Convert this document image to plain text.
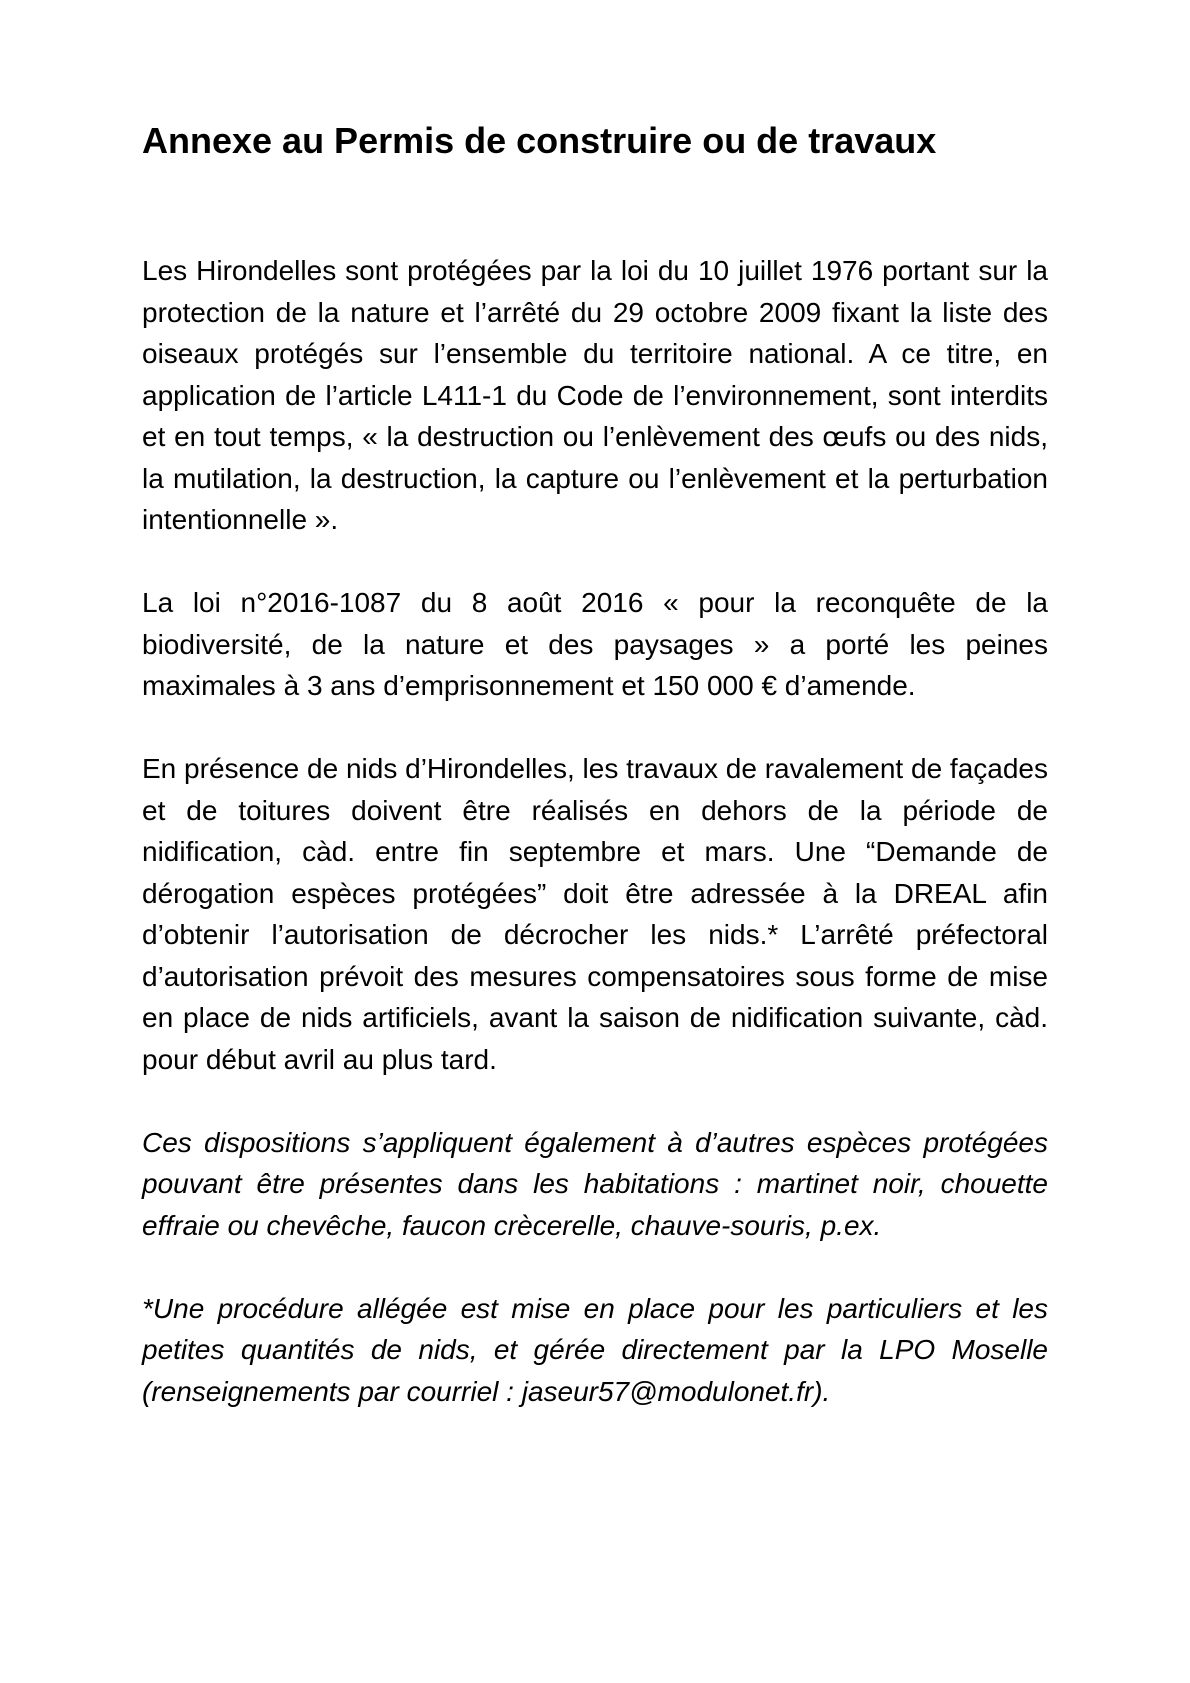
Annexe au Permis de construire ou de travaux

Les Hirondelles sont protégées par la loi du 10 juillet 1976 portant sur la protection de la nature et l’arrêté du 29 octobre 2009 fixant la liste des oiseaux protégés sur l’ensemble du territoire national. A ce titre, en application de l’article L411-1 du Code de l’environnement, sont interdits et en tout temps, « la destruction ou l’enlèvement des œufs ou des nids, la mutilation, la destruction, la capture ou l’enlèvement et la perturbation intentionnelle ».

La loi n°2016-1087 du 8 août 2016 « pour la reconquête de la biodiversité, de la nature et des paysages » a porté les peines maximales à 3 ans d’emprisonnement et 150 000 € d’amende.

En présence de nids d’Hirondelles, les travaux de ravalement de façades et de toitures doivent être réalisés en dehors de la période de nidification, càd. entre fin septembre et mars. Une “Demande de dérogation espèces protégées” doit être adressée à la DREAL afin d’obtenir l’autorisation de décrocher les nids.* L’arrêté préfectoral d’autorisation prévoit des mesures compensatoires sous forme de mise en place de nids artificiels, avant la saison de nidification suivante, càd. pour début avril au plus tard.

Ces dispositions s’appliquent également à d’autres espèces protégées pouvant être présentes dans les habitations : martinet noir, chouette effraie ou chevêche, faucon crècerelle, chauve-souris, p.ex.

*Une procédure allégée est mise en place pour les particuliers et les petites quantités de nids, et gérée directement par la LPO Moselle (renseignements par courriel : jaseur57@modulonet.fr).
